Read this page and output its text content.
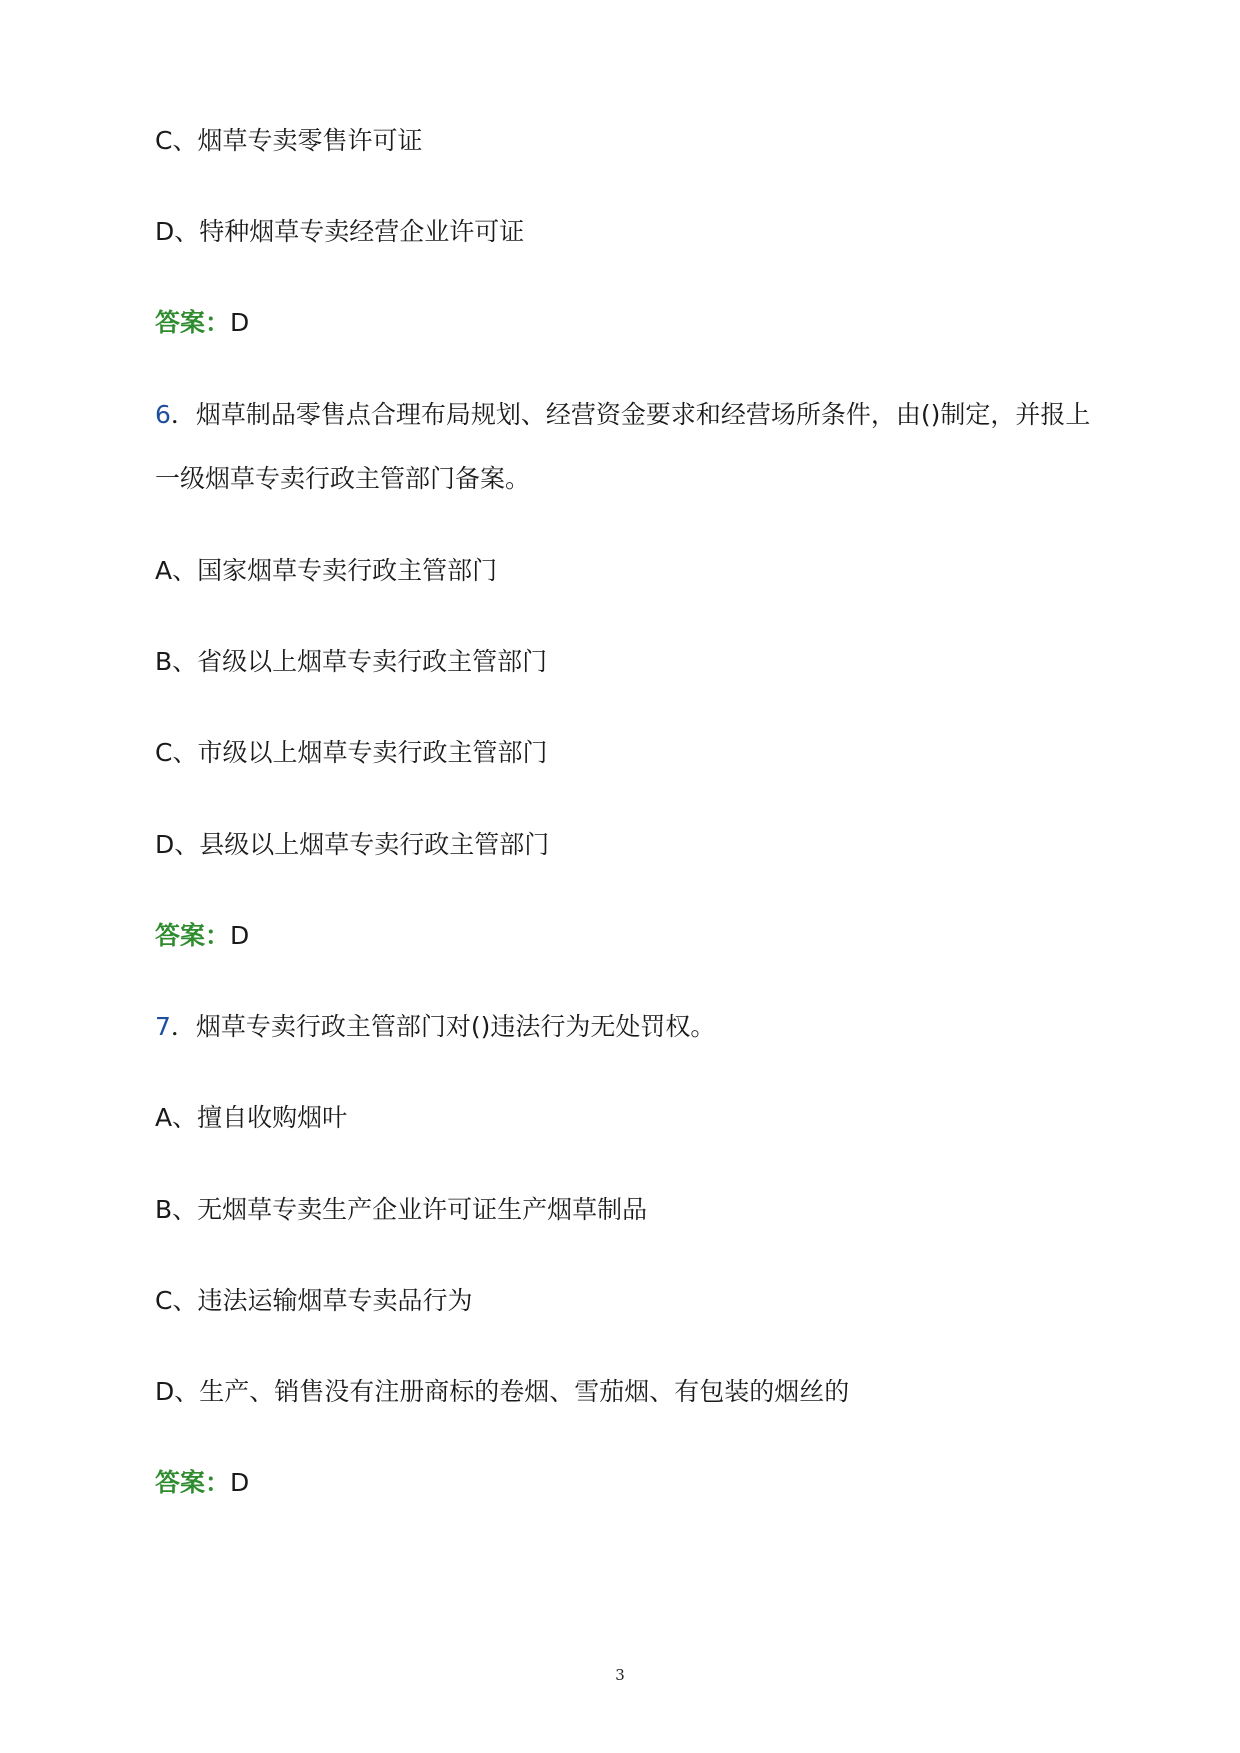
C、烟草专卖零售许可证
D、特种烟草专卖经营企业许可证
答案：D
6．烟草制品零售点合理布局规划、经营资金要求和经营场所条件，由()制定，并报上
一级烟草专卖行政主管部门备案。
A、国家烟草专卖行政主管部门
B、省级以上烟草专卖行政主管部门
C、市级以上烟草专卖行政主管部门
D、县级以上烟草专卖行政主管部门
答案：D
7．烟草专卖行政主管部门对()违法行为无处罚权。
A、擅自收购烟叶
B、无烟草专卖生产企业许可证生产烟草制品
C、违法运输烟草专卖品行为
D、生产、销售没有注册商标的卷烟、雪茄烟、有包装的烟丝的
答案：D
3
